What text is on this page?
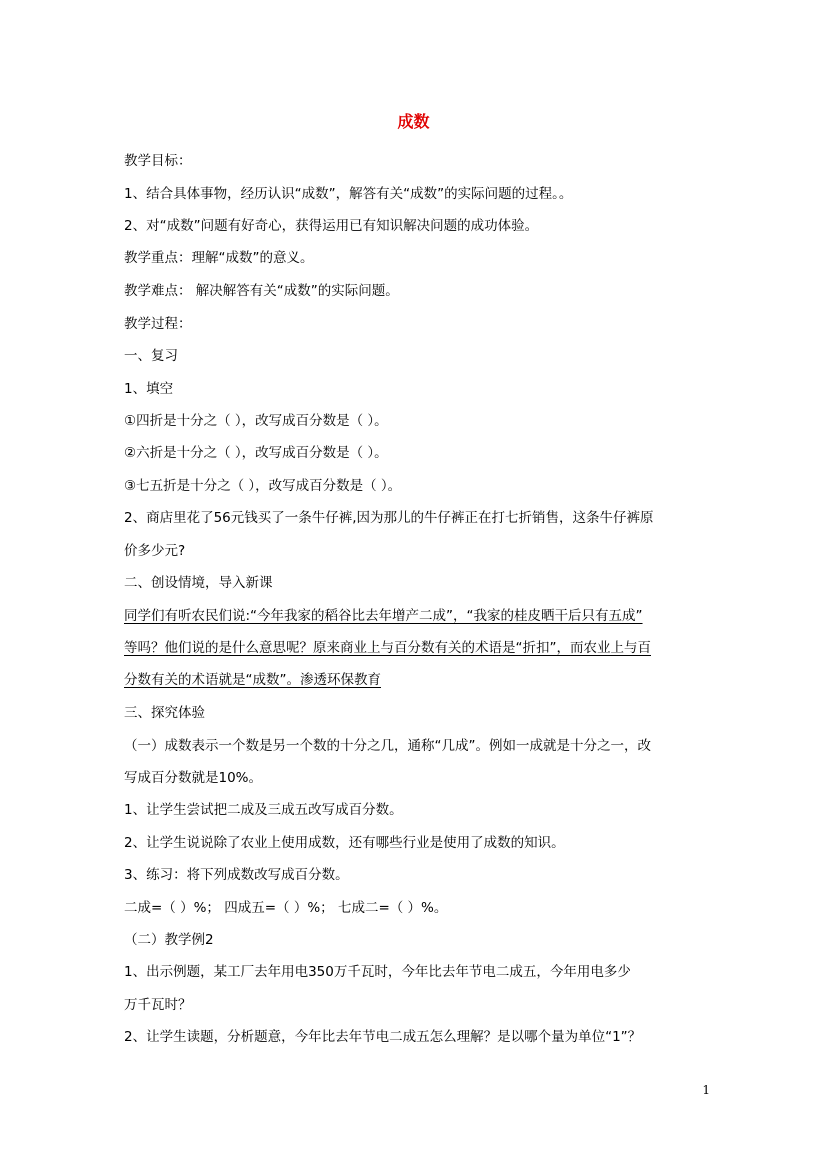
成数
教学目标：
1、结合具体事物，经历认识“成数”，解答有关“成数”的实际问题的过程。。
2、对“成数”问题有好奇心，获得运用已有知识解决问题的成功体验。
教学重点：理解“成数”的意义。
教学难点： 解决解答有关“成数”的实际问题。
教学过程：
一、复习
1、填空
①四折是十分之（ ），改写成百分数是（ ）。
②六折是十分之（ ），改写成百分数是（ ）。
③七五折是十分之（ ），改写成百分数是（ ）。
2、商店里花了56元钱买了一条牛仔裤,因为那儿的牛仔裤正在打七折销售，这条牛仔裤原
价多少元?
二、创设情境，导入新课
同学们有听农民们说:“今年我家的稻谷比去年增产二成”，“我家的桂皮晒干后只有五成”
等吗？他们说的是什么意思呢？原来商业上与百分数有关的术语是“折扣”，而农业上与百
分数有关的术语就是“成数”。渗透环保教育
三、探究体验
（一）成数表示一个数是另一个数的十分之几，通称“几成”。例如一成就是十分之一，改
写成百分数就是10%。
1、让学生尝试把二成及三成五改写成百分数。
2、让学生说说除了农业上使用成数，还有哪些行业是使用了成数的知识。
3、练习：将下列成数改写成百分数。
二成=（ ）%； 四成五=（ ）%； 七成二=（ ）%。
（二）教学例2
1、出示例题，某工厂去年用电350万千瓦时，今年比去年节电二成五，今年用电多少
万千瓦时？
2、让学生读题，分析题意，今年比去年节电二成五怎么理解？是以哪个量为单位“1”？
1
